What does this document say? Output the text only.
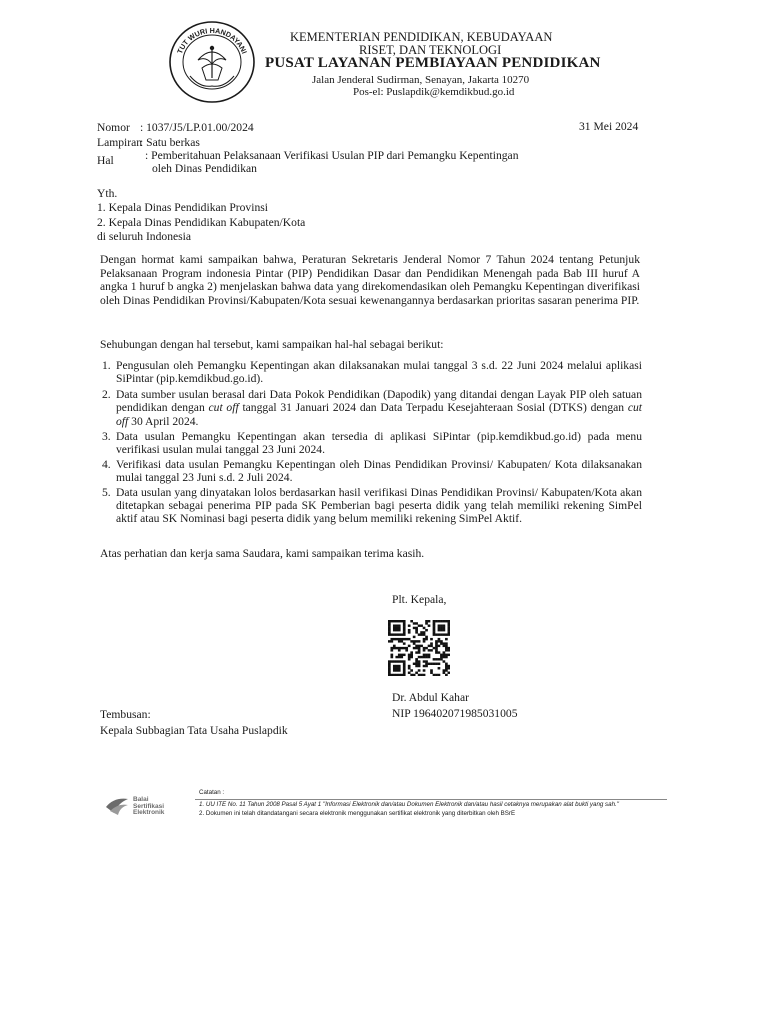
TUT WURI HANDAYANI
KEMENTERIAN PENDIDIKAN, KEBUDAYAAN
RISET, DAN TEKNOLOGI
PUSAT LAYANAN PEMBIAYAAN PENDIDIKAN
Jalan Jenderal Sudirman, Senayan, Jakarta 10270
Pos-el: Puslapdik@kemdikbud.go.id
Nomor : 1037/J5/LP.01.00/2024	31 Mei 2024
Lampiran
: Satu berkas
Hal	: Pemberitahuan Pelaksanaan Verifikasi Usulan PIP dari Pemangku Kepentingan
oleh Dinas Pendidikan
Yth.
1. Kepala Dinas Pendidikan Provinsi
2. Kepala Dinas Pendidikan Kabupaten/Kota
di seluruh Indonesia
Dengan hormat kami sampaikan bahwa, Peraturan Sekretaris Jenderal Nomor 7 Tahun 2024 tentang Petunjuk Pelaksanaan Program indonesia Pintar (PIP) Pendidikan Dasar dan Pendidikan Menengah pada Bab III huruf A angka 1 huruf b angka 2) menjelaskan bahwa data yang direkomendasikan oleh Pemangku Kepentingan diverifikasi oleh Dinas Pendidikan Provinsi/Kabupaten/Kota sesuai kewenangannya berdasarkan prioritas sasaran penerima PIP.
Sehubungan dengan hal tersebut, kami sampaikan hal-hal sebagai berikut:
1. Pengusulan oleh Pemangku Kepentingan akan dilaksanakan mulai tanggal 3 s.d. 22 Juni 2024 melalui aplikasi SiPintar (pip.kemdikbud.go.id).
2. Data sumber usulan berasal dari Data Pokok Pendidikan (Dapodik) yang ditandai dengan Layak PIP oleh satuan pendidikan dengan cut off tanggal 31 Januari 2024 dan Data Terpadu Kesejahteraan Sosial (DTKS) dengan cut off 30 April 2024.
3. Data usulan Pemangku Kepentingan akan tersedia di aplikasi SiPintar (pip.kemdikbud.go.id) pada menu verifikasi usulan mulai tanggal 23 Juni 2024.
4. Verifikasi data usulan Pemangku Kepentingan oleh Dinas Pendidikan Provinsi/ Kabupaten/ Kota dilaksanakan mulai tanggal 23 Juni s.d. 2 Juli 2024.
5. Data usulan yang dinyatakan lolos berdasarkan hasil verifikasi Dinas Pendidikan Provinsi/ Kabupaten/Kota akan ditetapkan sebagai penerima PIP pada SK Pemberian bagi peserta didik yang telah memiliki rekening SimPel aktif atau SK Nominasi bagi peserta didik yang belum memiliki rekening SimPel Aktif.
Atas perhatian dan kerja sama Saudara, kami sampaikan terima kasih.
Plt. Kepala,
Dr. Abdul Kahar
NIP 196402071985031005
Tembusan:
Kepala Subbagian Tata Usaha Puslapdik
Balai
Sertifikasi
Elektronik
Catatan :
1. UU ITE No. 11 Tahun 2008 Pasal 5 Ayat 1 "Informasi Elektronik dan/atau Dokumen Elektronik dan/atau hasil cetaknya merupakan alat bukti yang sah."
2. Dokumen ini telah ditandatangani secara elektronik menggunakan sertifikat elektronik yang diterbitkan oleh BSrE
